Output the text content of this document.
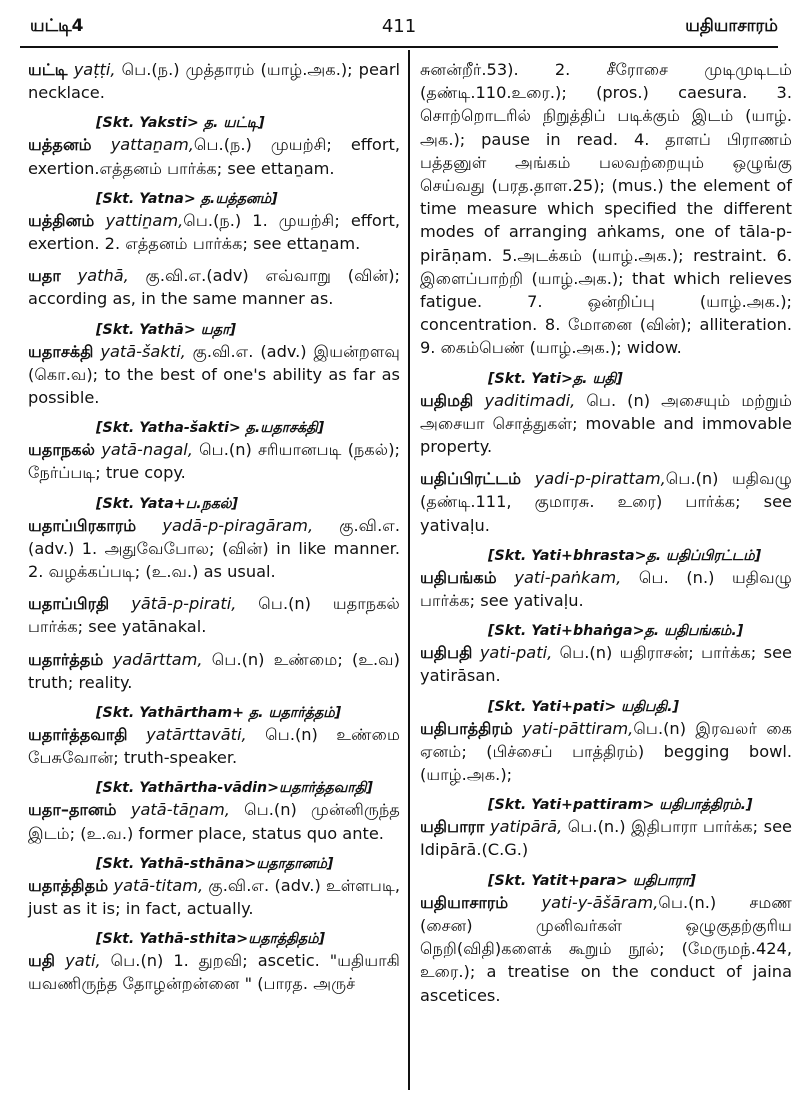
யட்டி4	411	யதியாசாரம்

யட்டி yaṭṭi, பெ.(ந.) முத்தாரம் (யாழ்.அக.); pearl necklace.

[Skt. Yaksti> த. யட்டி]

யத்தனம் yattaṉam,பெ.(ந.) முயற்சி; effort, exertion.எத்தனம் பார்க்க; see ettaṉam.

[Skt. Yatna> த.யத்தனம்]

யத்தினம் yattiṉam,பெ.(ந.) 1. முயற்சி; effort, exertion. 2. எத்தனம் பார்க்க; see ettaṉam.

யதா yathā, கு.வி.எ.(adv) எவ்வாறு (வின்); according as, in the same manner as.

[Skt. Yathā> யதா]

யதாசக்தி yatā-šakti, கு.வி.எ. (adv.) இயன்றளவு (கொ.வ); to the best of one's ability as far as possible.

[Skt. Yatha-šakti> த.யதாசக்தி]

யதாநகல் yatā-nagal, பெ.(n) சரியானபடி (நகல்); நேர்ப்படி; true copy.

[Skt. Yata+ப.நகல்]

யதாப்பிரகாரம் yadā-p-piragāram, கு.வி.எ. (adv.) 1. அதுவேபோல; (வின்) in like manner. 2. வழக்கப்படி; (உ.வ.) as usual.

யதாப்பிரதி yātā-p-pirati, பெ.(n) யதாநகல் பார்க்க; see yatānakal.

யதார்த்தம் yadārttam, பெ.(n) உண்மை; (உ.வ) truth; reality.

[Skt. Yathārtham+ த. யதார்த்தம்]

யதார்த்தவாதி yatārttavāti, பெ.(n) உண்மை பேசுவோன்; truth-speaker.

[Skt. Yathārtha-vādin>யதார்த்தவாதி]

யதா–தானம் yatā-tāṉam, பெ.(n) முன்னிருந்த இடம்; (உ.வ.) former place, status quo ante.

[Skt. Yathā-sthāna>யதாதானம்]

யதாத்திதம் yatā-titam, கு.வி.எ. (adv.) உள்ளபடி, just as it is; in fact, actually.

[Skt. Yathā-sthita>யதாத்திதம்]

யதி yati, பெ.(n) 1. துறவி; ascetic. "யதியாகி யவணிருந்த தோழன்றன்னை " (பாரத. அருச்

சுனன்றீர்.53). 2. சீரோசை முடிமுடிடம் (தண்டி.110.உரை.); (pros.) caesura. 3. சொற்றொடரில் நிறுத்திப் படிக்கும் இடம் (யாழ். அக.); pause in read. 4. தாளப் பிராணம் பத்தனுள் அங்கம் பலவற்றையும் ஒழுங்கு செய்வது (பரத.தாள.25); (mus.) the element of time measure which specified the different modes of arranging aṅkams, one of tāla-p-pirāṇam. 5.அடக்கம் (யாழ்.அக.); restraint. 6. இளைப்பாற்றி (யாழ்.அக.); that which relieves fatigue. 7. ஒன்றிப்பு (யாழ்.அக.); concentration. 8. மோனை (வின்); alliteration. 9. கைம்பெண் (யாழ்.அக.); widow.

[Skt. Yati>த. யதி]

யதிமதி yaditimadi, பெ. (n) அசையும் மற்றும் அசையா சொத்துகள்; movable and immovable property.

யதிப்பிரட்டம் yadi-p-pirattam,பெ.(n) யதிவழு (தண்டி.111, குமாரசு. உரை) பார்க்க; see yativaḷu.

[Skt. Yati+bhrasta>த. யதிப்பிரட்டம்]

யதிபங்கம் yati-paṅkam, பெ. (n.) யதிவழு பார்க்க; see yativaḷu.

[Skt. Yati+bhaṅga>த. யதிபங்கம்.]

யதிபதி yati-pati, பெ.(n) யதிராசன்; பார்க்க; see yatirāsan.

[Skt. Yati+pati> யதிபதி.]

யதிபாத்திரம் yati-pāttiram,பெ.(n) இரவலர் கை ஏனம்; (பிச்சைப் பாத்திரம்) begging bowl. (யாழ்.அக.);

[Skt. Yati+pattiram> யதிபாத்திரம்.]

யதிபாரா yatipārā, பெ.(n.) இதிபாரா பார்க்க; see Idipārā.(C.G.)

[Skt. Yatit+para> யதிபாரா]

யதியாசாரம் yati-y-āšāram,பெ.(n.) சமண (சைன) முனிவர்கள் ஒழுகுதற்குரிய நெறி(விதி)களைக் கூறும் நூல்; (மேருமந்.424, உரை.); a treatise on the conduct of jaina ascetices.
